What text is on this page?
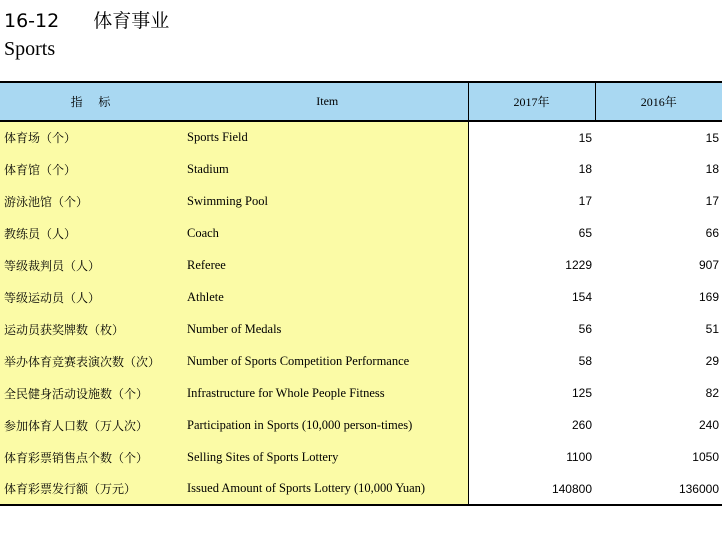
16-12 体育事业
Sports
指 标	Item	2017年	2016年
体育场（个）	Sports Field	15	15
体育馆（个）	Stadium	18	18
游泳池馆（个）	Swimming Pool	17	17
教练员（人）	Coach	65	66
等级裁判员（人）	Referee	1229	907
等级运动员（人）	Athlete	154	169
运动员获奖牌数（枚）	Number of Medals	56	51
举办体育竞赛表演次数（次）	Number of Sports Competition Performance	58	29
全民健身活动设施数（个）	Infrastructure for Whole People Fitness	125	82
参加体育人口数（万人次）	Participation in Sports (10,000 person-times)	260	240
体育彩票销售点个数（个）	Selling Sites of Sports Lottery	1100	1050
体育彩票发行额（万元）	Issued Amount of Sports Lottery (10,000 Yuan)	140800	136000
